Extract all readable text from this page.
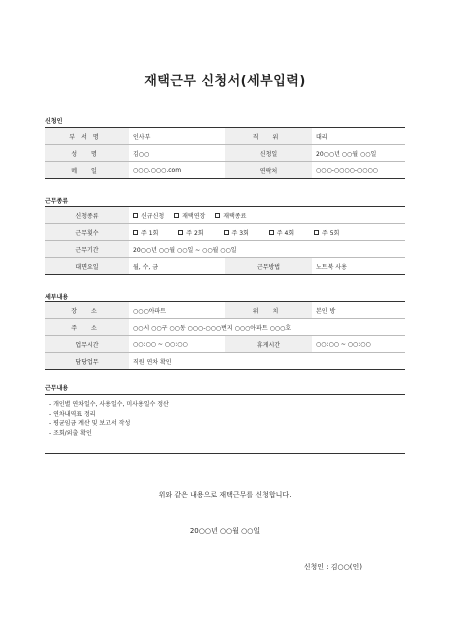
재택근무 신청서(세부입력)
신청인
부서명	인사부	직 위	대리
성 명	김○○	신청일	20○○년 ○○월 ○○일
메 일	○○○.○○○.com	연락처	○○○-○○○○-○○○○
근무종류
신청종류	신규신청 재택연장 재택종료		
근무횟수	주 1회 주 2회 주 3회 주 4회 주 5회		
근무기간	20○○년 ○○월 ○○일 ~ ○○월 ○○일		
대면요일	월, 수, 금	근무방법	노트북 사용
세부내용
장 소	○○○아파트	위 치	본인 방
주 소	○○시 ○○구 ○○동 ○○○-○○○번지 ○○○아파트 ○○○호		
업무시간	○○:○○ ~ ○○:○○	휴게시간	○○:○○ ~ ○○:○○
담당업무	직원 연차 확인		
근무내용
- 개인별 연차일수, 사용일수, 미사용일수 정산
- 연차내역표 정리
- 평균임금 계산 및 보고서 작성
- 조회/외출 확인
위와 같은 내용으로 재택근무를 신청합니다.
20○○년 ○○월 ○○일
신청인 : 김○○(인)
